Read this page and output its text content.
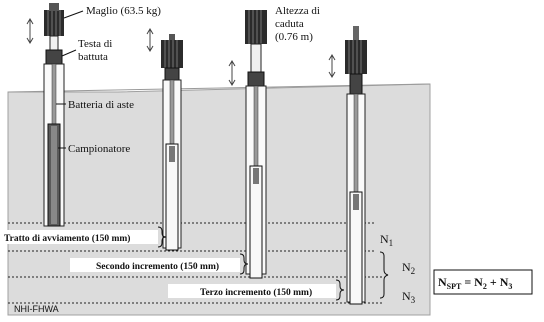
Maglio (63.5 kg)
Testa di
battuta
Altezza di
caduta
(0.76 m)
Batteria di aste
Campionatore
Tratto di avviamento (150 mm)
Secondo incremento (150 mm)
Terzo incremento (150 mm)
$N_1$
$N_2$
$N_3$
$N_{SPT} = N_2 + N_3$
NHI-FHWA
